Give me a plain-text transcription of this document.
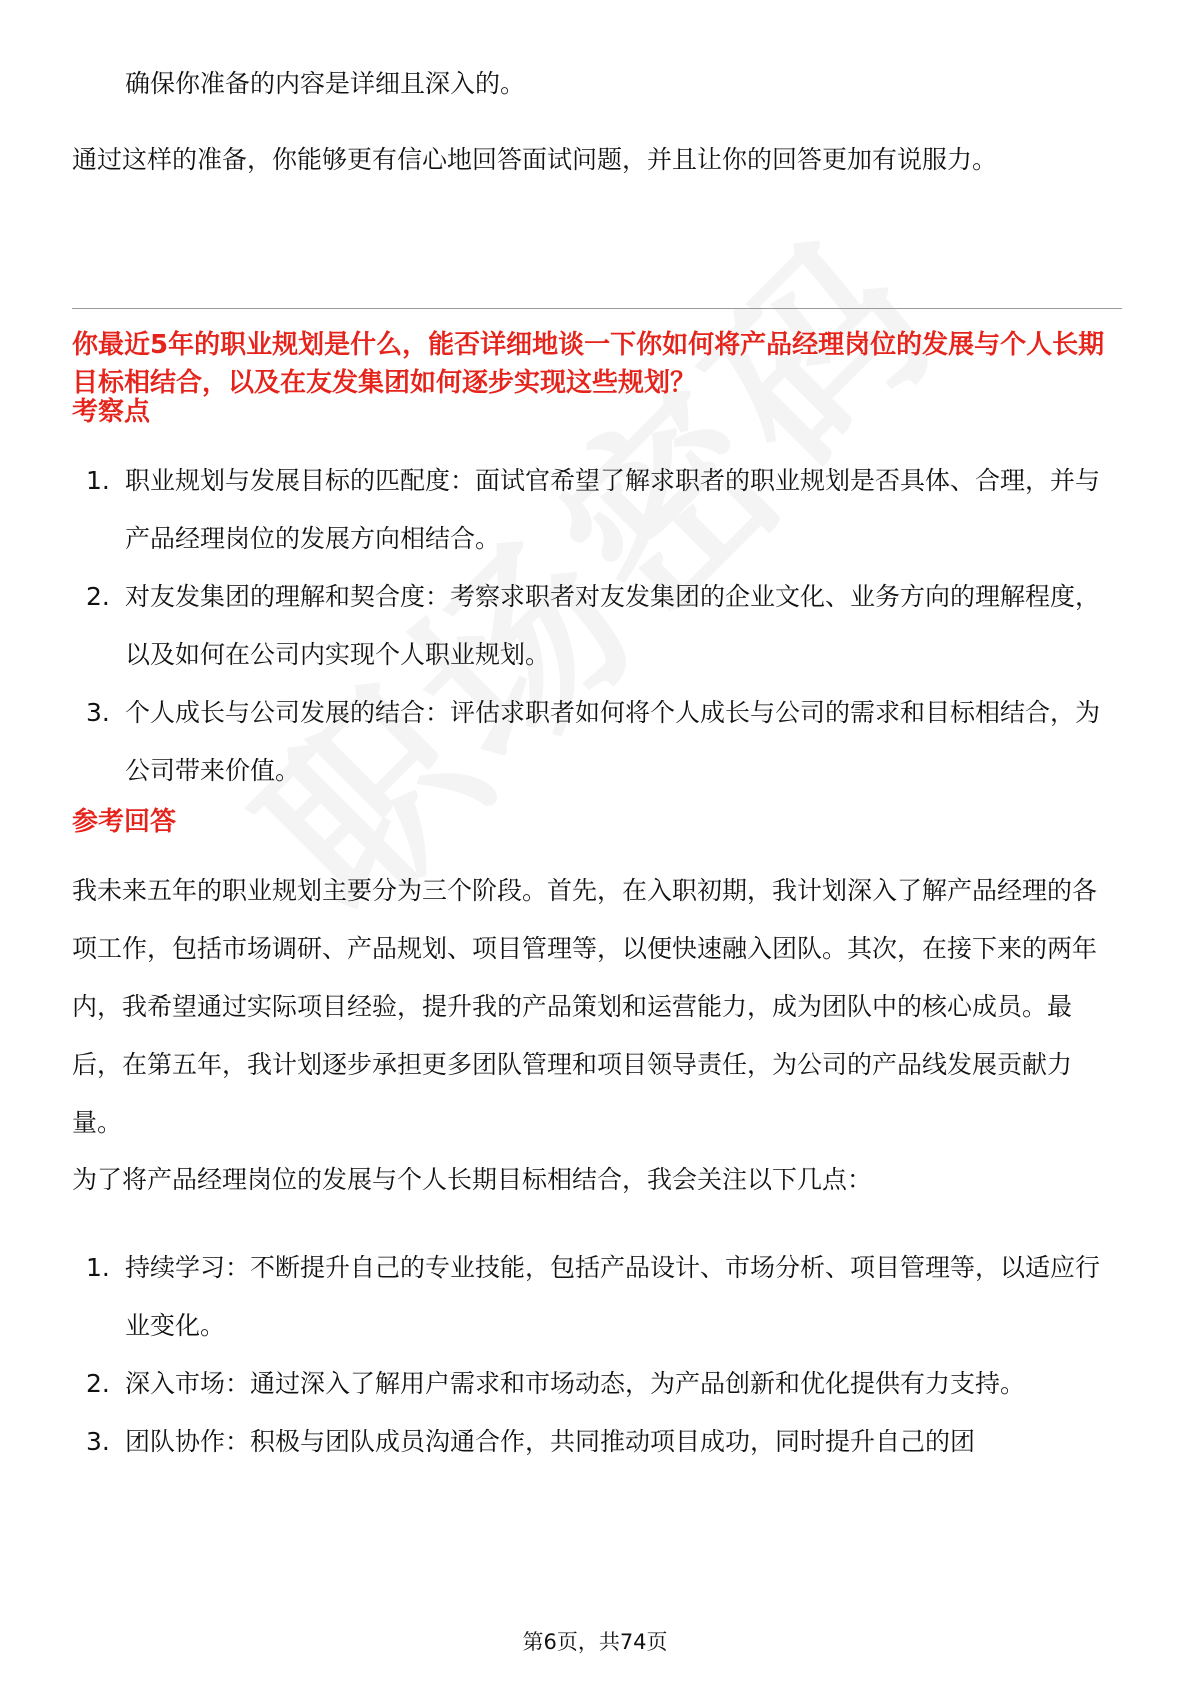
确保你准备的内容是详细且深入的。

通过这样的准备，你能够更有信心地回答面试问题，并且让你的回答更加有说服力。

你最近5年的职业规划是什么，能否详细地谈一下你如何将产品经理岗位的发展与个人长期目标相结合，以及在友发集团如何逐步实现这些规划？

考察点
1. 职业规划与发展目标的匹配度：面试官希望了解求职者的职业规划是否具体、合理，并与产品经理岗位的发展方向相结合。
2. 对友发集团的理解和契合度：考察求职者对友发集团的企业文化、业务方向的理解程度，以及如何在公司内实现个人职业规划。
3. 个人成长与公司发展的结合：评估求职者如何将个人成长与公司的需求和目标相结合，为公司带来价值。
参考回答

我未来五年的职业规划主要分为三个阶段。首先，在入职初期，我计划深入了解产品经理的各项工作，包括市场调研、产品规划、项目管理等，以便快速融入团队。其次，在接下来的两年内，我希望通过实际项目经验，提升我的产品策划和运营能力，成为团队中的核心成员。最后，在第五年，我计划逐步承担更多团队管理和项目领导责任，为公司的产品线发展贡献力量。

为了将产品经理岗位的发展与个人长期目标相结合，我会关注以下几点：

1. 持续学习：不断提升自己的专业技能，包括产品设计、市场分析、项目管理等，以适应行业变化。
2. 深入市场：通过深入了解用户需求和市场动态，为产品创新和优化提供有力支持。
3. 团队协作：积极与团队成员沟通合作，共同推动项目成功，同时提升自己的团
第6页，共74页
